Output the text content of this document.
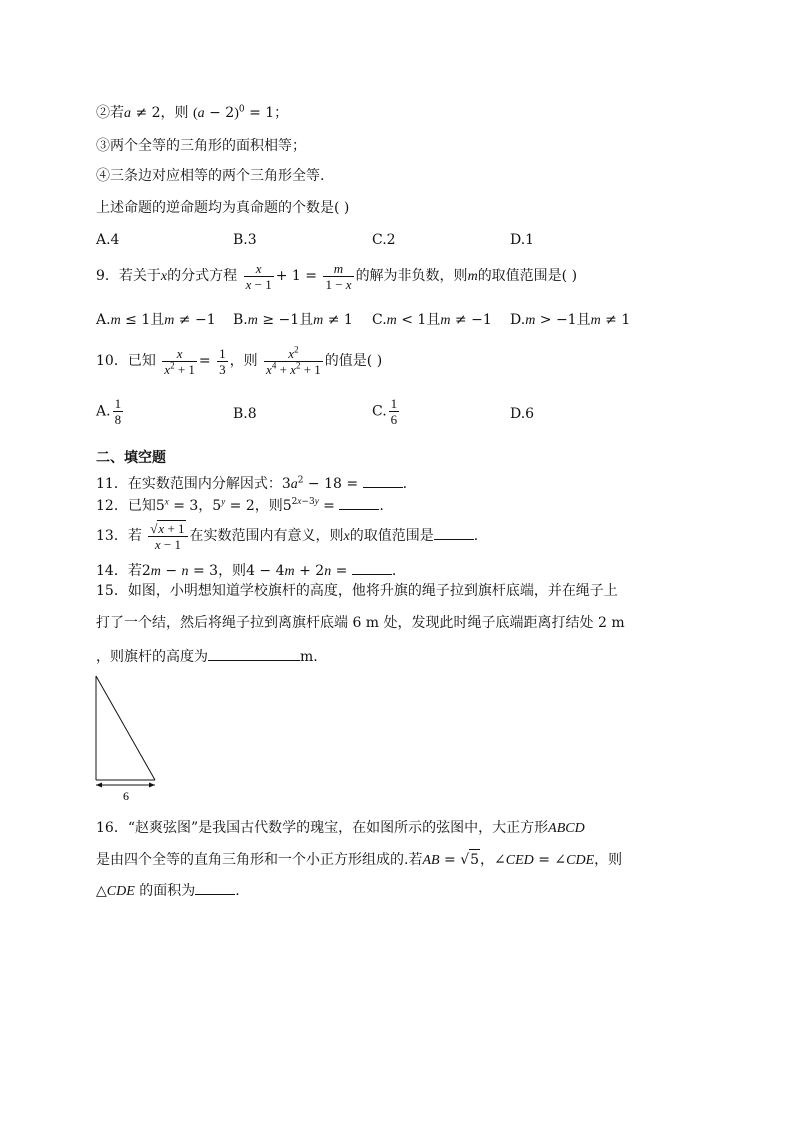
②若a ≠ 2，则 $(a - 2)^0 = 1$；
③两个全等的三角形的面积相等；
④三条边对应相等的两个三角形全等.
上述命题的逆命题均为真命题的个数是( )
A.4	B.3	C.2	D.1
9．若关于x的分式方程 $\frac{x}{x - 1} + 1 = \frac{m}{1 - x}$ 的解为非负数，则m的取值范围是( )
A.m ≤ 1且m ≠ −1 B.m ≥ −1且m ≠ 1 C.m < 1且m ≠ −1 D.m > −1且m ≠ 1
10．已知 $\frac{x}{x^2 + 1} = \frac{1}{3}$ ，则 $\frac{x^2}{x^4 + x^2 + 1}$ 的值是( )
A. $\frac{1}{8}$	B.8	C. $\frac{1}{6}$	D.6
二、填空题
11．在实数范围内分解因式：$3a^2 - 18$ =	.
12．已知$5^x = 3$，$5^y = 2$，则$5^{2x-3y}$ =	.
13．若 $\frac{√x + 1}{x - 1}$ 在实数范围内有意义，则x的取值范围是	.
14．若2m − n = 3，则4 − 4m + 2n =	.
15．如图，小明想知道学校旗杆的高度，他将升旗的绳子拉到旗杆底端，并在绳子上
打了一个结，然后将绳子拉到离旗杆底端 6 m 处，发现此时绳子底端距离打结处 2 m
，则旗杆的高度为	m.
6
16．“赵爽弦图”是我国古代数学的瑰宝，在如图所示的弦图中，大正方形ABCD
是由四个全等的直角三角形和一个小正方形组成的.若AB = √5，∠CED = ∠CDE，则
△CDE 的面积为	.
